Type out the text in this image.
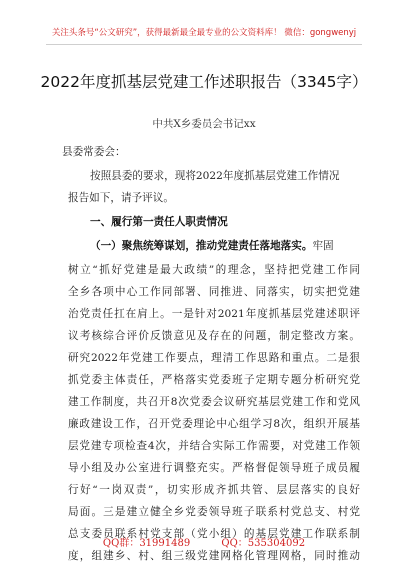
关注头条号“公文研究”，获得最新最全最专业的公文资料库！ 微信：gongwenyj
2022年度抓基层党建工作述职报告（3345字）
中共X乡委员会书记xx
县委常委会：
按照县委的要求，现将2022年度抓基层党建工作情况
报告如下，请予评议。
一、履行第一责任人职责情况
（一）聚焦统筹谋划，推动党建责任落地落实。牢固
树立“抓好党建是最大政绩”的理念，坚持把党建工作同
全乡各项中心工作同部署、同推进、同落实，切实把党建
治党责任扛在肩上。一是针对2021年度抓基层党建述职评
议考核综合评价反馈意见及存在的问题，制定整改方案。
研究2022年党建工作要点，理清工作思路和重点。二是狠
抓党委主体责任，严格落实党委班子定期专题分析研究党
建工作制度，共召开8次党委会议研究基层党建工作和党风
廉政建设工作，召开党委理论中心组学习8次，组织开展基
层党建专项检查4次，并结合实际工作需要，对党建工作领
导小组及办公室进行调整充实。严格督促领导班子成员履
行好“一岗双责”，切实形成齐抓共管、层层落实的良好
局面。三是建立健全乡党委领导班子联系村党总支、村党
总支委员联系村党支部（党小组）的基层党建工作联系制
度，组建乡、村、组三级党建网格化管理网格，同时推动
QQ群：31991489	QQ：535304092
